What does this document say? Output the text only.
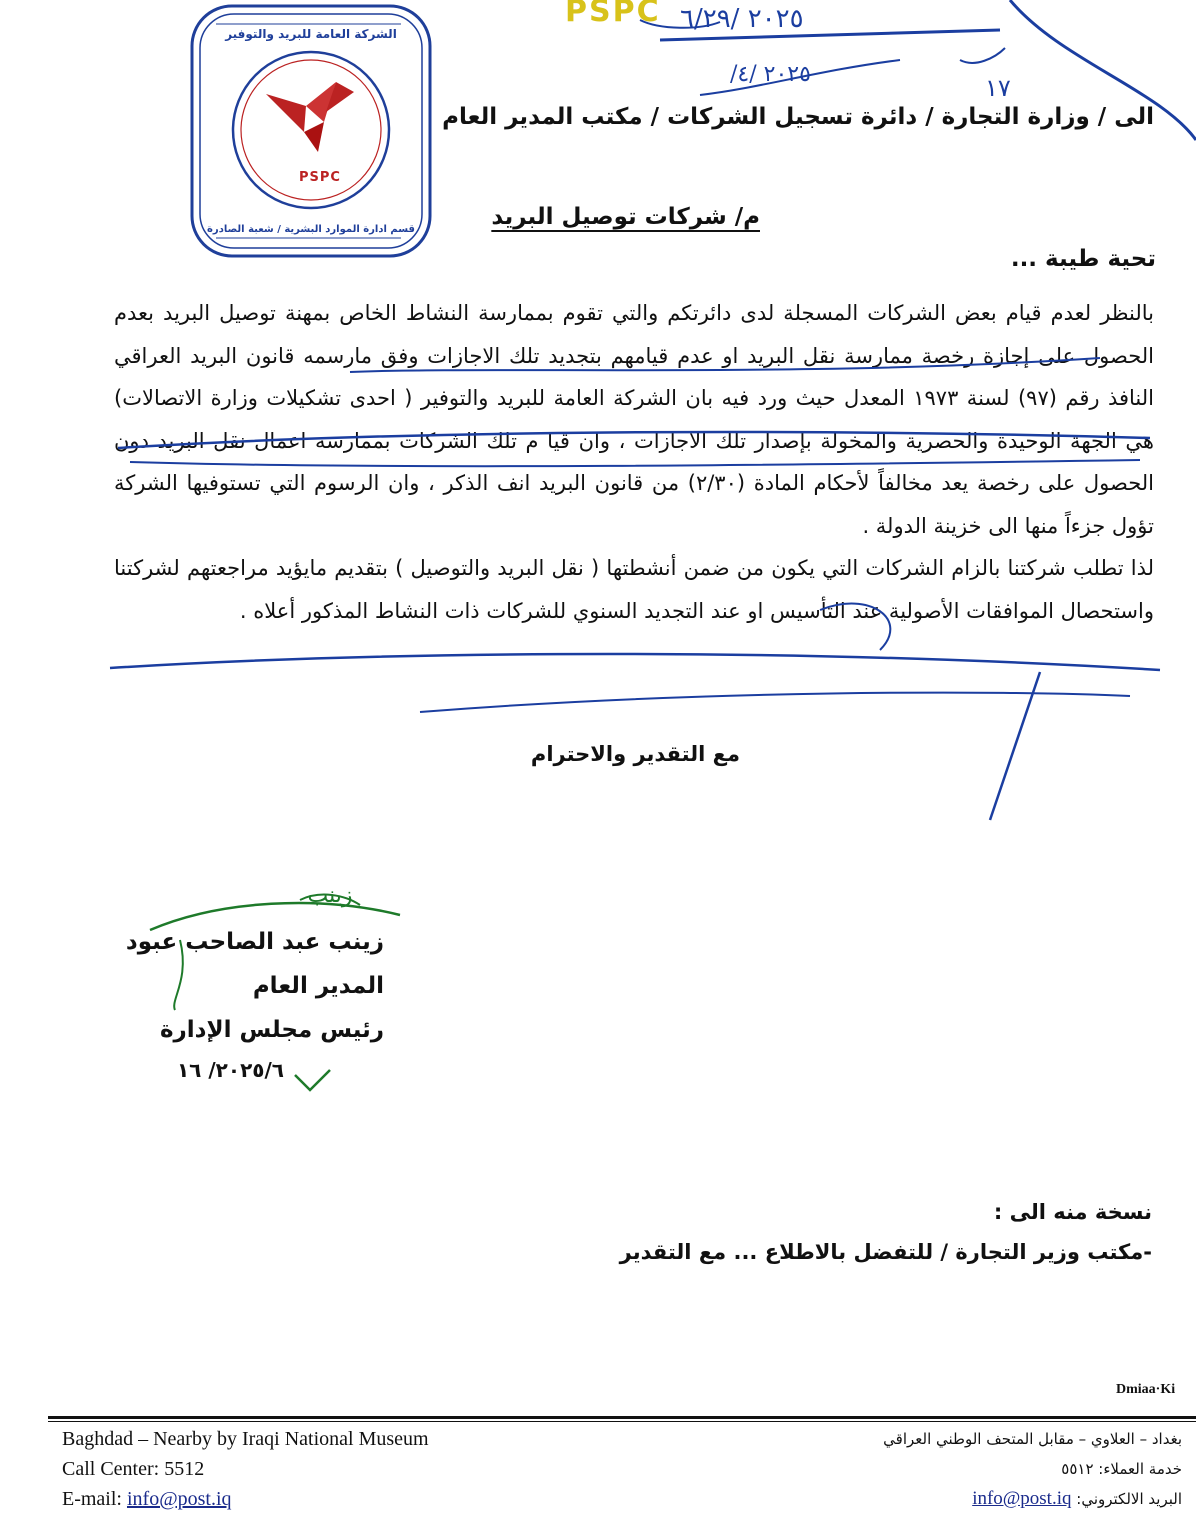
الشركة العامة للبريد والتوفير
قسم ادارة الموارد البشرية / شعبة الصادرة
PSPC
PSPC ٢٠٢٥ /٦/٢٩
٢٠٢٥ /٤/	١٧
الى / وزارة التجارة / دائرة تسجيل الشركات / مكتب المدير العام
م/ شركات توصيل البريد
تحية طيبة ...

بالنظر لعدم قيام بعض الشركات المسجلة لدى دائرتكم والتي تقوم بممارسة النشاط الخاص بمهنة توصيل البريد بعدم الحصول على إجازة رخصة ممارسة نقل البريد او عدم قيامهم بتجديد تلك الاجازات وفق مارسمه قانون البريد العراقي النافذ رقم (٩٧) لسنة ١٩٧٣ المعدل حيث ورد فيه بان الشركة العامة للبريد والتوفير ( احدى تشكيلات وزارة الاتصالات) هي الجهة الوحيدة والحصرية والمخولة بإصدار تلك الاجازات ، وان قيا م تلك الشركات بممارسة اعمال نقل البريد دون الحصول على رخصة يعد مخالفاً لأحكام المادة (٢/٣٠) من قانون البريد انف الذكر ، وان الرسوم التي تستوفيها الشركة تؤول جزءاً منها الى خزينة الدولة .

لذا تطلب شركتنا بالزام الشركات التي يكون من ضمن أنشطتها ( نقل البريد والتوصيل ) بتقديم مايؤيد مراجعتهم لشركتنا واستحصال الموافقات الأصولية عند التأسيس او عند التجديد السنوي للشركات ذات النشاط المذكور أعلاه .

مع التقدير والاحترام
زينب عبد الصاحب عبود
المدير العام
رئيس مجلس الإدارة
٢٠٢٥/٦/ ١٦
نسخة منه الى :
-مكتب وزير التجارة / للتفضل بالاطلاع ... مع التقدير
Dmiaa·Ki
Baghdad – Nearby by Iraqi National Museum
Call Center: 5512
E-mail: info@post.iq
بغداد – العلاوي – مقابل المتحف الوطني العراقي
خدمة العملاء: ٥٥١٢
البريد الالكتروني: info@post.iq
زينب
